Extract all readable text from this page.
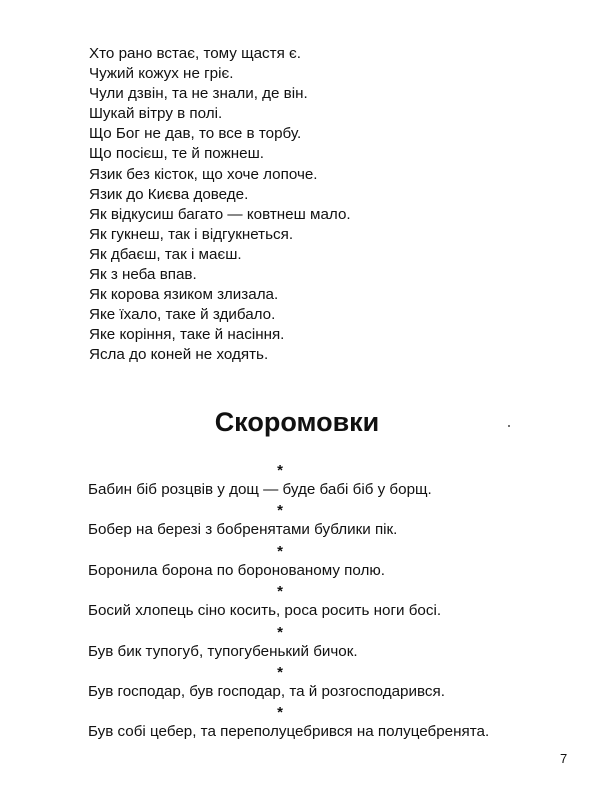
Хто рано встає, тому щастя є.
Чужий кожух не гріє.
Чули дзвін, та не знали, де він.
Шукай вітру в полі.
Що Бог не дав, то все в торбу.
Що посієш, те й пожнеш.
Язик без кісток, що хоче лопоче.
Язик до Києва доведе.
Як відкусиш багато — ковтнеш мало.
Як гукнеш, так і відгукнеться.
Як дбаєш, так і маєш.
Як з неба впав.
Як корова язиком злизала.
Яке їхало, таке й здибало.
Яке коріння, таке й насіння.
Ясла до коней не ходять.
Скоромовки
*
Бабин біб розцвів у дощ — буде бабі біб у борщ.
*
Бобер на березі з бобренятами бублики пік.
*
Боронила борона по боронованому полю.
*
Босий хлопець сіно косить, роса росить ноги босі.
*
Був бик тупогуб, тупогубенький бичок.
*
Був господар, був господар, та й розгосподарився.
*
Був собі цебер, та переполуцебрився на полуцебренята.
7
